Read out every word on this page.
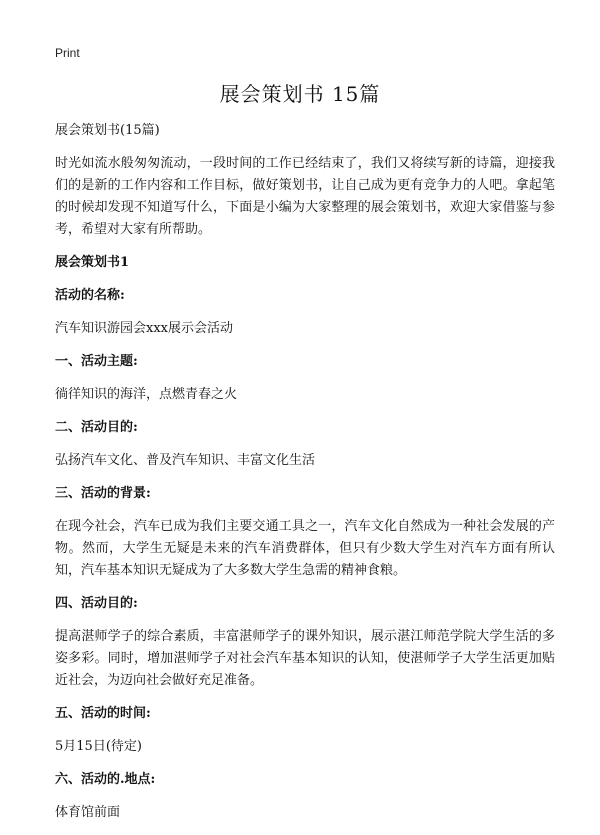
Print
展会策划书 15篇

展会策划书(15篇)

时光如流水般匆匆流动，一段时间的工作已经结束了，我们又将续写新的诗篇，迎接我们的是新的工作内容和工作目标，做好策划书，让自己成为更有竞争力的人吧。拿起笔的时候却发现不知道写什么，下面是小编为大家整理的展会策划书，欢迎大家借鉴与参考，希望对大家有所帮助。

展会策划书1

活动的名称:

汽车知识游园会xxx展示会活动

一、活动主题:

徜徉知识的海洋，点燃青春之火

二、活动目的:

弘扬汽车文化、普及汽车知识、丰富文化生活

三、活动的背景:

在现今社会，汽车已成为我们主要交通工具之一，汽车文化自然成为一种社会发展的产物。然而，大学生无疑是未来的汽车消费群体，但只有少数大学生对汽车方面有所认知，汽车基本知识无疑成为了大多数大学生急需的精神食粮。

四、活动目的:

提高湛师学子的综合素质，丰富湛师学子的课外知识，展示湛江师范学院大学生活的多姿多彩。同时，增加湛师学子对社会汽车基本知识的认知，使湛师学子大学生活更加贴近社会，为迈向社会做好充足准备。

五、活动的时间:

5月15日(待定)

六、活动的.地点:

体育馆前面
